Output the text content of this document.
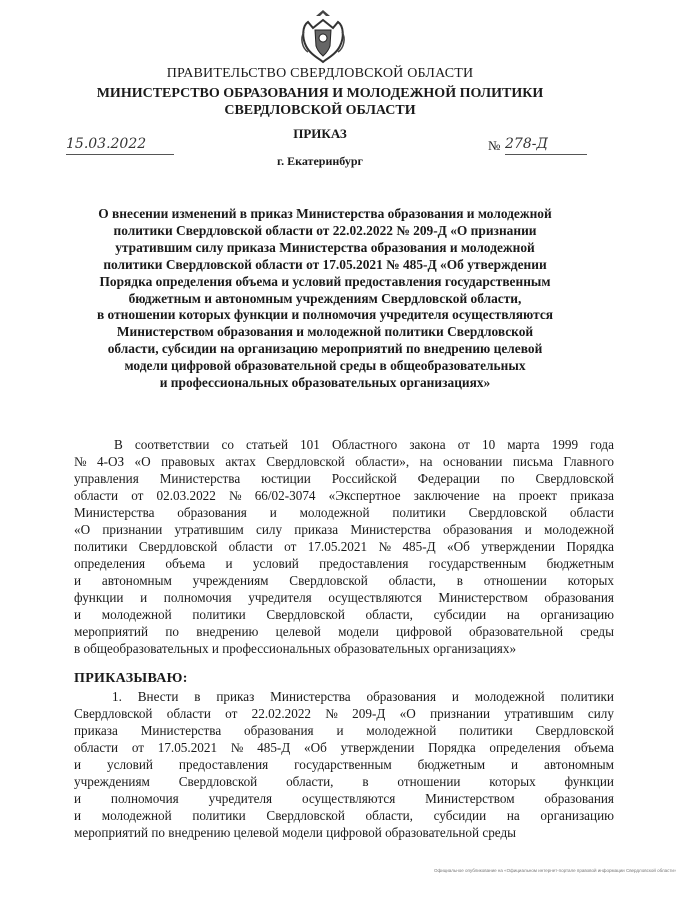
ПРАВИТЕЛЬСТВО СВЕРДЛОВСКОЙ ОБЛАСТИ
МИНИСТЕРСТВО ОБРАЗОВАНИЯ И МОЛОДЕЖНОЙ ПОЛИТИКИ
СВЕРДЛОВСКОЙ ОБЛАСТИ
ПРИКАЗ
15.03.2022	№ 278-Д
г. Екатеринбург
О внесении изменений в приказ Министерства образования и молодежной
политики Свердловской области от 22.02.2022 № 209-Д «О признании
утратившим силу приказа Министерства образования и молодежной
политики Свердловской области от 17.05.2021 № 485-Д «Об утверждении
Порядка определения объема и условий предоставления государственным
бюджетным и автономным учреждениям Свердловской области,
в отношении которых функции и полномочия учредителя осуществляются
Министерством образования и молодежной политики Свердловской
области, субсидии на организацию мероприятий по внедрению целевой
модели цифровой образовательной среды в общеобразовательных
и профессиональных образовательных организациях»
В соответствии со статьей 101 Областного закона от 10 марта 1999 года
№ 4-ОЗ «О правовых актах Свердловской области», на основании письма Главного
управления Министерства юстиции Российской Федерации по Свердловской
области от 02.03.2022 № 66/02-3074 «Экспертное заключение на проект приказа
Министерства образования и молодежной политики Свердловской области
«О признании утратившим силу приказа Министерства образования и молодежной
политики Свердловской области от 17.05.2021 № 485-Д «Об утверждении Порядка
определения объема и условий предоставления государственным бюджетным
и автономным учреждениям Свердловской области, в отношении которых
функции и полномочия учредителя осуществляются Министерством образования
и молодежной политики Свердловской области, субсидии на организацию
мероприятий по внедрению целевой модели цифровой образовательной среды
в общеобразовательных и профессиональных образовательных организациях»
ПРИКАЗЫВАЮ:
1. Внести в приказ Министерства образования и молодежной политики
Свердловской области от 22.02.2022 № 209-Д «О признании утратившим силу
приказа Министерства образования и молодежной политики Свердловской
области от 17.05.2021 № 485-Д «Об утверждении Порядка определения объема
и условий предоставления государственным бюджетным и автономным
учреждениям Свердловской области, в отношении которых функции
и полномочия учредителя осуществляются Министерством образования
и молодежной политики Свердловской области, субсидии на организацию
мероприятий по внедрению целевой модели цифровой образовательной среды
Официальное опубликование на «Официальном интернет-портале правовой информации Свердловской области»
